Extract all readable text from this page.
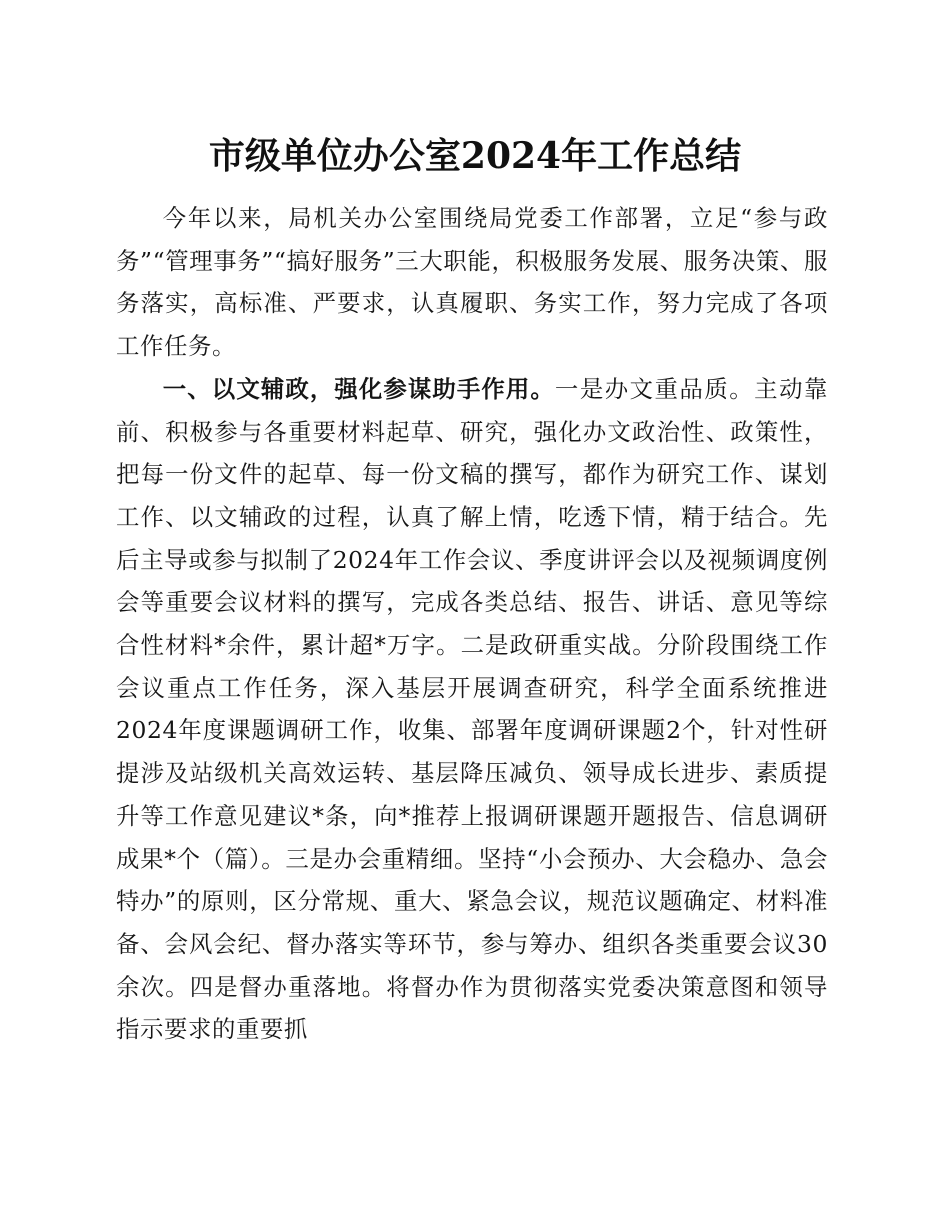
市级单位办公室2024年工作总结

今年以来，局机关办公室围绕局党委工作部署，立足“参与政务”“管理事务”“搞好服务”三大职能，积极服务发展、服务决策、服务落实，高标准、严要求，认真履职、务实工作，努力完成了各项工作任务。

一、以文辅政，强化参谋助手作用。一是办文重品质。主动靠前、积极参与各重要材料起草、研究，强化办文政治性、政策性，把每一份文件的起草、每一份文稿的撰写，都作为研究工作、谋划工作、以文辅政的过程，认真了解上情，吃透下情，精于结合。先后主导或参与拟制了2024年工作会议、季度讲评会以及视频调度例会等重要会议材料的撰写，完成各类总结、报告、讲话、意见等综合性材料*余件，累计超*万字。二是政研重实战。分阶段围绕工作会议重点工作任务，深入基层开展调查研究，科学全面系统推进2024年度课题调研工作，收集、部署年度调研课题2个，针对性研提涉及站级机关高效运转、基层降压减负、领导成长进步、素质提升等工作意见建议*条，向*推荐上报调研课题开题报告、信息调研成果*个（篇）。三是办会重精细。坚持“小会预办、大会稳办、急会特办”的原则，区分常规、重大、紧急会议，规范议题确定、材料准备、会风会纪、督办落实等环节，参与筹办、组织各类重要会议30余次。四是督办重落地。将督办作为贯彻落实党委决策意图和领导指示要求的重要抓
